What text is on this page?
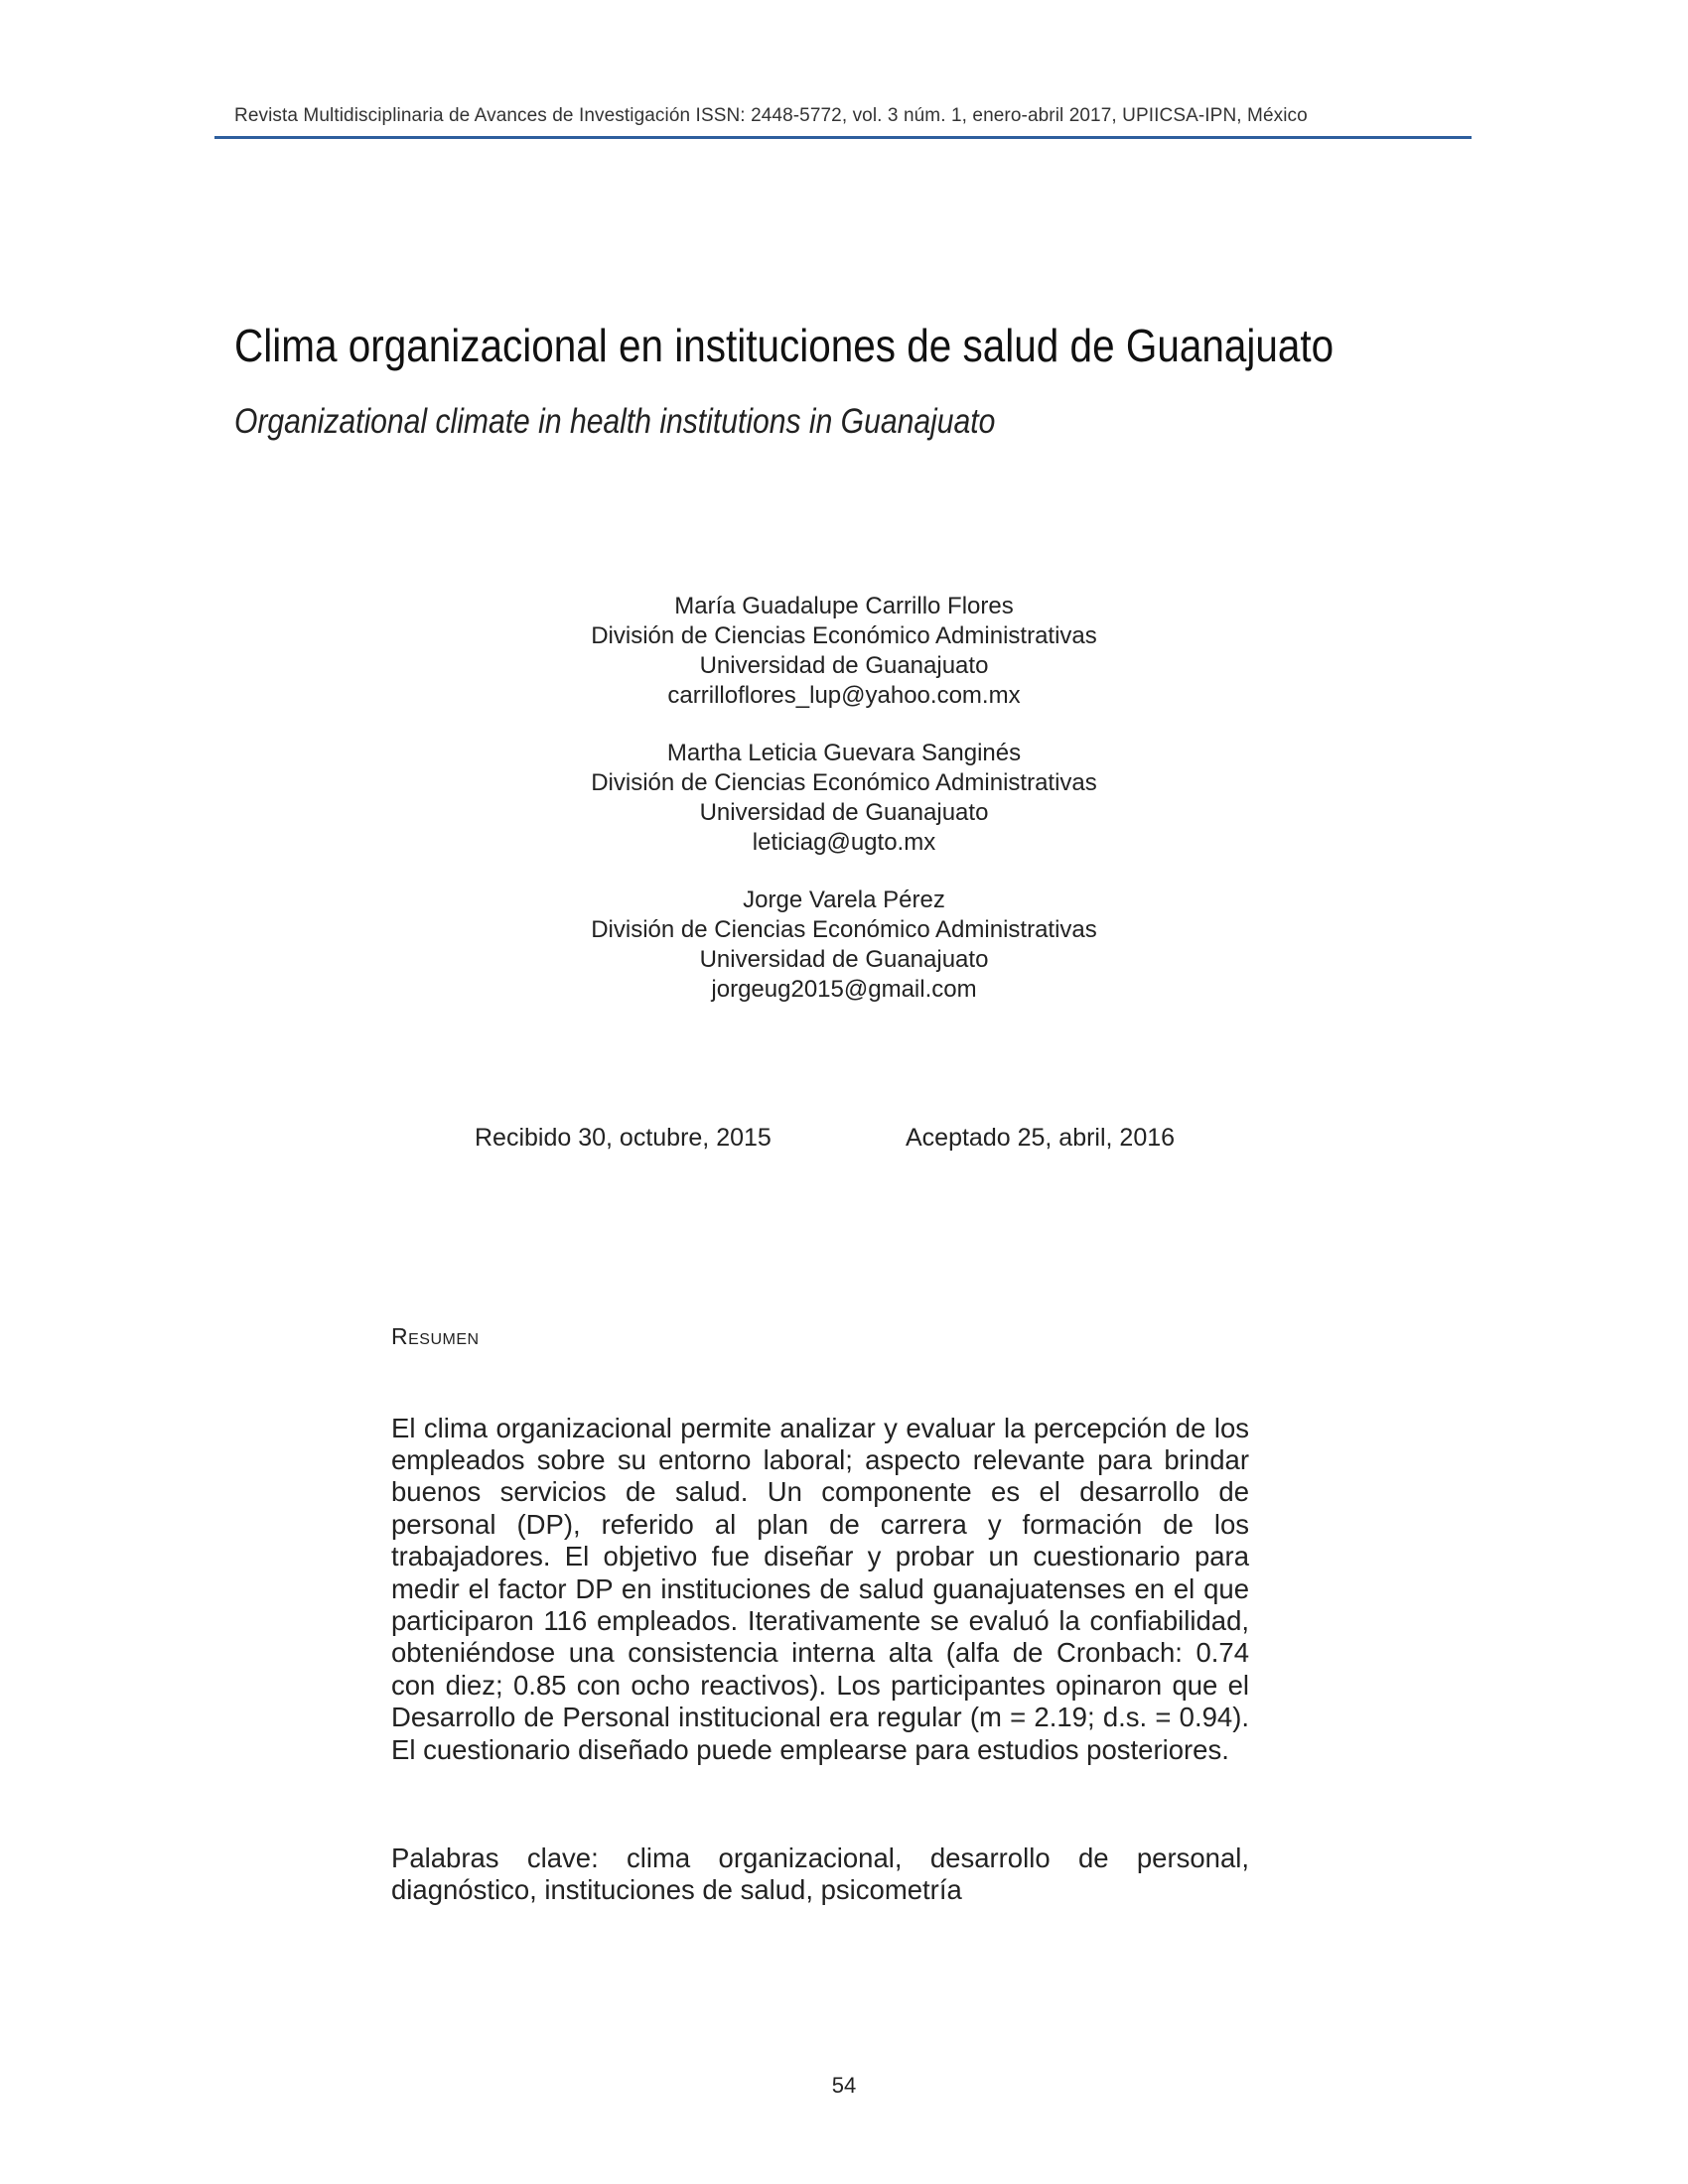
Revista Multidisciplinaria de Avances de Investigación ISSN: 2448-5772, vol. 3 núm. 1, enero-abril 2017, UPIICSA-IPN, México
Clima organizacional en instituciones de salud de Guanajuato
Organizational climate in health institutions in Guanajuato
María Guadalupe Carrillo Flores
División de Ciencias Económico Administrativas
Universidad de Guanajuato
carrilloflores_lup@yahoo.com.mx
Martha Leticia Guevara Sanginés
División de Ciencias Económico Administrativas
Universidad de Guanajuato
leticiag@ugto.mx
Jorge Varela Pérez
División de Ciencias Económico Administrativas
Universidad de Guanajuato
jorgeug2015@gmail.com
Recibido 30, octubre, 2015	Aceptado 25, abril, 2016
Resumen

El clima organizacional permite analizar y evaluar la percepción de los empleados sobre su entorno laboral; aspecto relevante para brindar buenos servicios de salud. Un componente es el desarrollo de personal (DP), referido al plan de carrera y formación de los trabajadores. El objetivo fue diseñar y probar un cuestionario para medir el factor DP en instituciones de salud guanajuatenses en el que participaron 116 empleados. Iterativamente se evaluó la confiabilidad, obteniéndose una consistencia interna alta (alfa de Cronbach: 0.74 con diez; 0.85 con ocho reactivos). Los participantes opinaron que el Desarrollo de Personal institucional era regular (m = 2.19; d.s. = 0.94). El cuestionario diseñado puede emplearse para estudios posteriores.

Palabras clave: clima organizacional, desarrollo de personal, diagnóstico, instituciones de salud, psicometría

54
